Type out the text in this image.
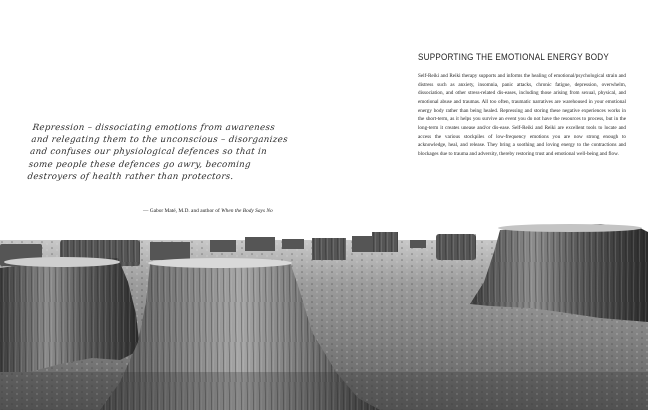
Repression – dissociating emotions from awareness and relegating them to the unconscious – disorganizes and confuses our physiological defences so that in some people these defences go awry, becoming destroyers of health rather than protectors.
— Gabor Maté, M.D. and author of When the Body Says No
SUPPORTING THE EMOTIONAL ENERGY BODY
Self-Reiki and Reiki therapy supports and informs the healing of emotional/psychological strain and distress such as anxiety, insomnia, panic attacks, chronic fatigue, depression, overwhelm, dissociation, and other stress-related dis-eases, including those arising from sexual, physical, and emotional abuse and traumas. All too often, traumatic narratives are warehoused in your emotional energy body rather than being healed. Repressing and storing these negative experiences works in the short-term, as it helps you survive an event you do not have the resources to process, but in the long-term it creates unease and/or dis-ease. Self-Reiki and Reiki are excellent tools to locate and access the various stockpiles of low-frequency emotions you are now strong enough to acknowledge, heal, and release. They bring a soothing and loving energy to the contractions and blockages due to trauma and adversity, thereby restoring trust and emotional well-being and flow.
